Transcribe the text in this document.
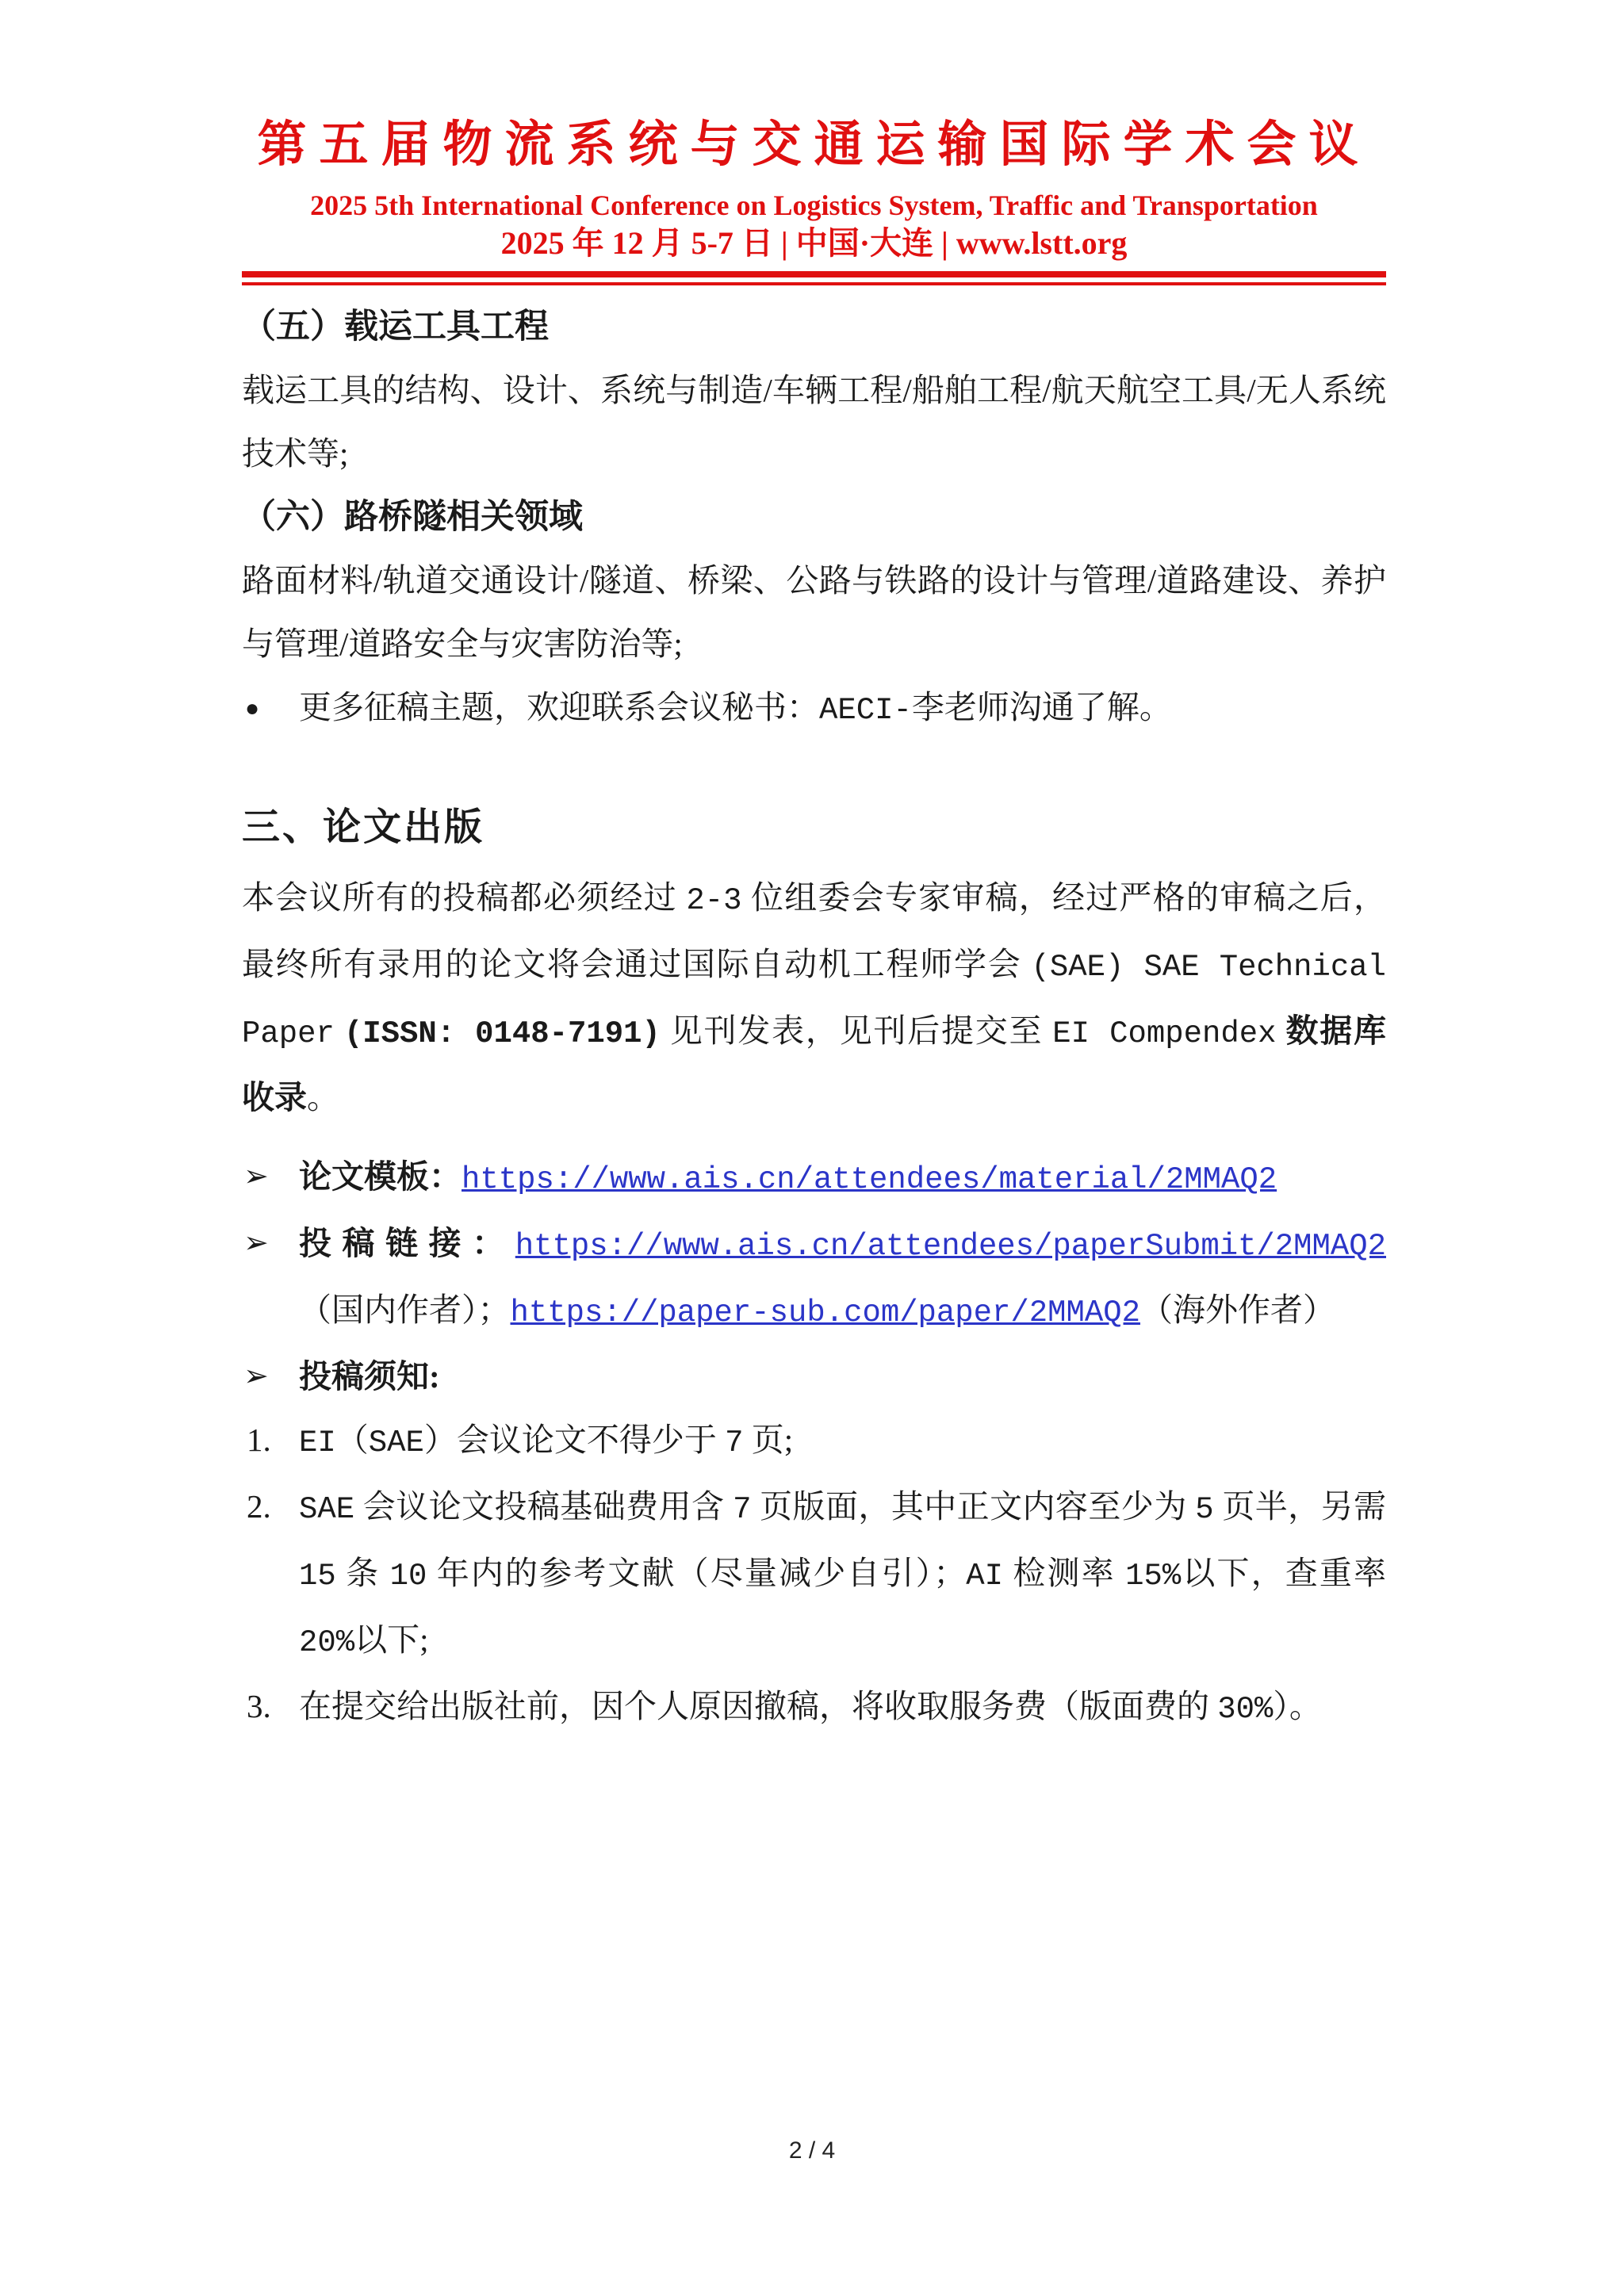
第五届物流系统与交通运输国际学术会议
2025 5th International Conference on Logistics System, Traffic and Transportation
2025 年 12 月 5-7 日 | 中国·大连 | www.lstt.org
（五）载运工具工程

载运工具的结构、设计、系统与制造/车辆工程/船舶工程/航天航空工具/无人系统技术等;

（六）路桥隧相关领域

路面材料/轨道交通设计/隧道、桥梁、公路与铁路的设计与管理/道路建设、养护与管理/道路安全与灾害防治等;

● 更多征稿主题，欢迎联系会议秘书：AECI-李老师沟通了解。
三、论文出版

本会议所有的投稿都必须经过 2-3 位组委会专家审稿，经过严格的审稿之后，最终所有录用的论文将会通过国际自动机工程师学会 (SAE) SAE Technical Paper (ISSN: 0148-7191) 见刊发表，见刊后提交至 EI Compendex 数据库收录。

➢ 论文模板：https://www.ais.cn/attendees/material/2MMAQ2
➢ 投稿链接：https://www.ais.cn/attendees/paperSubmit/2MMAQ2（国内作者）；https://paper-sub.com/paper/2MMAQ2（海外作者）
➢ 投稿须知:
1. EI（SAE）会议论文不得少于 7 页;
2. SAE 会议论文投稿基础费用含 7 页版面，其中正文内容至少为 5 页半，另需 15 条 10 年内的参考文献（尽量减少自引）；AI 检测率 15%以下，查重率 20%以下;
3. 在提交给出版社前，因个人原因撤稿，将收取服务费（版面费的 30%）。
2 / 4
